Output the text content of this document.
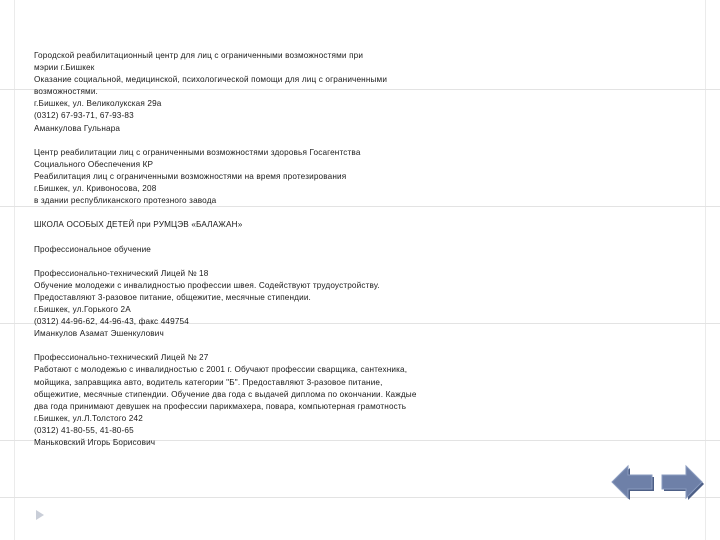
Городской реабилитационный центр для лиц с ограниченными возможностями при
мэрии г.Бишкек
Оказание социальной, медицинской, психологической помощи для лиц с ограниченными
возможностями.
г.Бишкек, ул. Великолукская 29а
(0312) 67-93-71, 67-93-83
Аманкулова Гульнара
Центр реабилитации лиц с ограниченными возможностями здоровья Госагентства
Социального Обеспечения КР
Реабилитация лиц с ограниченными возможностями на время протезирования
г.Бишкек, ул. Кривоносова, 208
в здании республиканского протезного завода
ШКОЛА ОСОБЫХ ДЕТЕЙ при РУМЦЭВ «БАЛАЖАН»
Профессиональное обучение
Профессионально-технический Лицей № 18
Обучение молодежи с инвалидностью профессии швея. Содействуют трудоустройству.
Предоставляют 3-разовое питание, общежитие, месячные стипендии.
г.Бишкек, ул.Горького 2А
(0312) 44-96-62, 44-96-43, факс 449754
Иманкулов Азамат Эшенкулович
Профессионально-технический Лицей № 27
Работают с молодежью с инвалидностью с 2001 г. Обучают профессии сварщика, сантехника,
мойщика, заправщика авто, водитель категории "Б". Предоставляют 3-разовое питание,
общежитие, месячные стипендии. Обучение два года с выдачей диплома по окончании. Каждые
два года принимают девушек на профессии парикмахера, повара, компьютерная грамотность
г.Бишкек, ул.Л.Толстого 242
(0312) 41-80-55, 41-80-65
Маньковский Игорь Борисович
